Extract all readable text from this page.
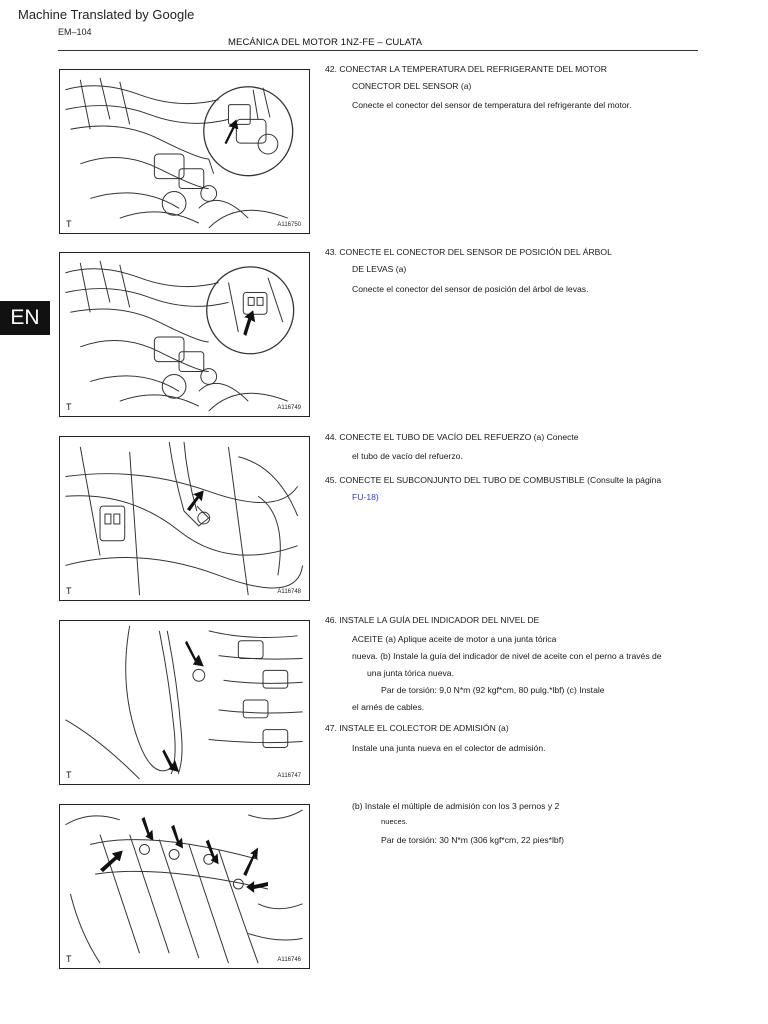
Machine Translated by Google
EM–104
MECÁNICA DEL MOTOR 1NZ-FE – CULATA
EN
T	A116750
T	A116749
T	A116748
T	A116747
T	A116746
42. CONECTAR LA TEMPERATURA DEL REFRIGERANTE DEL MOTOR
CONECTOR DEL SENSOR (a)
Conecte el conector del sensor de temperatura del refrigerante del motor.
43. CONECTE EL CONECTOR DEL SENSOR DE POSICIÓN DEL ÁRBOL
DE LEVAS (a)
Conecte el conector del sensor de posición del árbol de levas.
44. CONECTE EL TUBO DE VACÍO DEL REFUERZO (a) Conecte
el tubo de vacío del refuerzo.
45. CONECTE EL SUBCONJUNTO DEL TUBO DE COMBUSTIBLE (Consulte la página
FU-18)
46. INSTALE LA GUÍA DEL INDICADOR DEL NIVEL DE
ACEITE (a) Aplique aceite de motor a una junta tórica
nueva. (b) Instale la guía del indicador de nivel de aceite con el perno a través de
una junta tórica nueva.
Par de torsión: 9,0 N*m (92 kgf*cm, 80 pulg.*lbf) (c) Instale
el arnés de cables.
47. INSTALE EL COLECTOR DE ADMISIÓN (a)
Instale una junta nueva en el colector de admisión.
(b) Instale el múltiple de admisión con los 3 pernos y 2
nueces.
Par de torsión: 30 N*m (306 kgf*cm, 22 pies*lbf)
